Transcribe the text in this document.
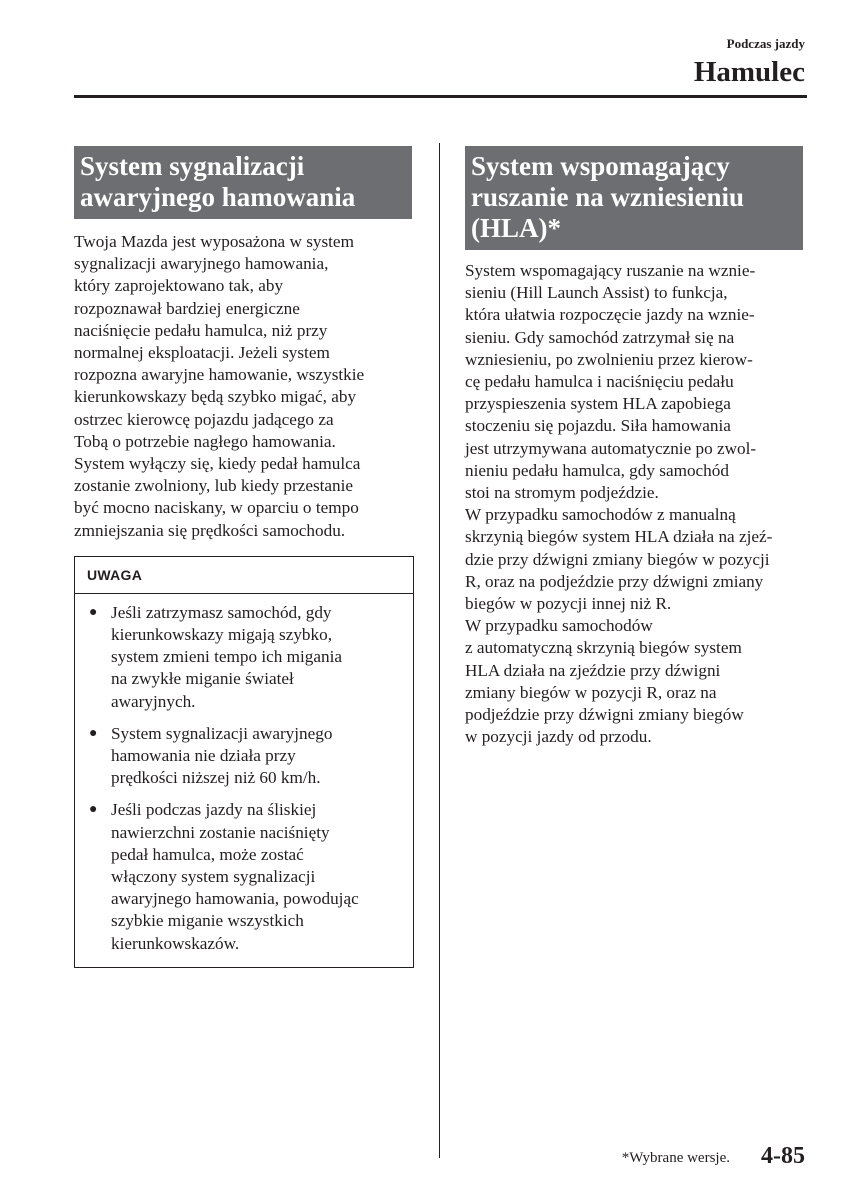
Podczas jazdy
Hamulec
System sygnalizacji
awaryjnego hamowania

Twoja Mazda jest wyposażona w system
sygnalizacji awaryjnego hamowania,
który zaprojektowano tak, aby
rozpoznawał bardziej energiczne
naciśnięcie pedału hamulca, niż przy
normalnej eksploatacji. Jeżeli system
rozpozna awaryjne hamowanie, wszystkie
kierunkowskazy będą szybko migać, aby
ostrzec kierowcę pojazdu jadącego za
Tobą o potrzebie nagłego hamowania.
System wyłączy się, kiedy pedał hamulca
zostanie zwolniony, lub kiedy przestanie
być mocno naciskany, w oparciu o tempo
zmniejszania się prędkości samochodu.

UWAGA
● Jeśli zatrzymasz samochód, gdy
kierunkowskazy migają szybko,
system zmieni tempo ich migania
na zwykłe miganie świateł
awaryjnych.
● System sygnalizacji awaryjnego
hamowania nie działa przy
prędkości niższej niż 60 km/h.
● Jeśli podczas jazdy na śliskiej
nawierzchni zostanie naciśnięty
pedał hamulca, może zostać
włączony system sygnalizacji
awaryjnego hamowania, powodując
szybkie miganie wszystkich
kierunkowskazów.
System wspomagający
ruszanie na wzniesieniu
(HLA)*

System wspomagający ruszanie na wznie-
sieniu (Hill Launch Assist) to funkcja,
która ułatwia rozpoczęcie jazdy na wznie-
sieniu. Gdy samochód zatrzymał się na
wzniesieniu, po zwolnieniu przez kierow-
cę pedału hamulca i naciśnięciu pedału
przyspieszenia system HLA zapobiega
stoczeniu się pojazdu. Siła hamowania
jest utrzymywana automatycznie po zwol-
nieniu pedału hamulca, gdy samochód
stoi na stromym podjeździe.
W przypadku samochodów z manualną
skrzynią biegów system HLA działa na zjeź-
dzie przy dźwigni zmiany biegów w pozycji
R, oraz na podjeździe przy dźwigni zmiany
biegów w pozycji innej niż R.
W przypadku samochodów
z automatyczną skrzynią biegów system
HLA działa na zjeździe przy dźwigni
zmiany biegów w pozycji R, oraz na
podjeździe przy dźwigni zmiany biegów
w pozycji jazdy od przodu.

*Wybrane wersje. 4-85
